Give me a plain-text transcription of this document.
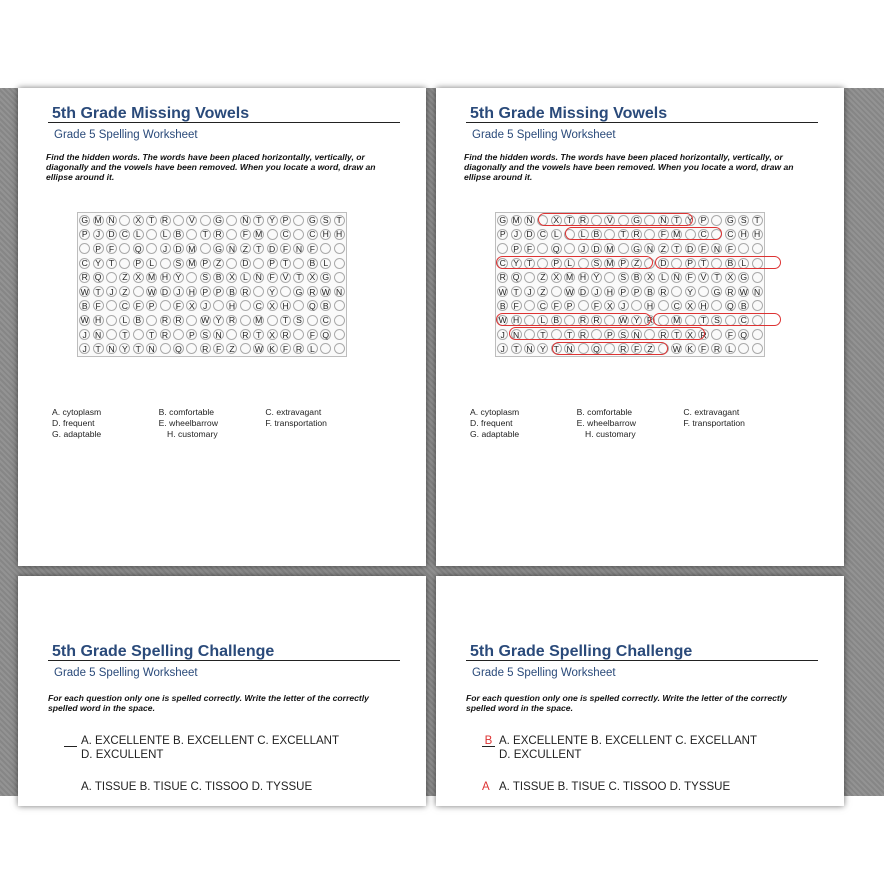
5th Grade Missing Vowels
Grade 5 Spelling Worksheet
Find the hidden words. The words have been placed horizontally, vertically, or diagonally and the vowels have been removed. When you locate a word, draw an ellipse around it.
G M N	X T R	V	G N T Y P	G S T
P J D C L	L B	T R	F M C C H H
P F	Q	J D M G N Z T D F N F
C Y T	P L	S M P Z	D	P T	B L
R Q	Z X M H Y	S B X L N F V T X G
W T	J	Z	W D J H P P B R	Y	G R W N
B F	C F P	F X J	H C X H Q B
W H	L B	R R W Y R M	T S	C
J N	T	T R	P S N R T X R	F Q
J	T N Y T N Q R F Z	W K F R L
A. cytoplasm	B. comfortable	C. extravagant
D. frequent	E. wheelbarrow	F. transportation
G. adaptable	H. customary
5th Grade Missing Vowels
Grade 5 Spelling Worksheet
Find the hidden words. The words have been placed horizontally, vertically, or diagonally and the vowels have been removed. When you locate a word, draw an ellipse around it.
G M N	X T R	V	G N T Y P	G S T
P J D C L	L B	T R	F M C C H H
P F	Q	J D M G N Z T D F N F
C Y T	P L	S M P Z	D	P T	B L
R Q	Z X M H Y	S B X L N F V T X G
W T	J	Z	W D J H P P B R	Y	G R W N
B F	C F P	F X J	H C X H Q B
W H	L B	R R W Y R M	T S	C
J N	T	T R	P S N R T X R	F Q
J	T N Y T N Q R F Z	W K F R L
A. cytoplasm	B. comfortable	C. extravagant
D. frequent	E. wheelbarrow	F. transportation
G. adaptable	H. customary
5th Grade Spelling Challenge
Grade 5 Spelling Worksheet
For each question only one is spelled correctly. Write the letter of the correctly spelled word in the space.
A. EXCELLENTE B. EXCELLENT C. EXCELLANT
D. EXCULLENT
A. TISSUE B. TISUE C. TISSOO D. TYSSUE
5th Grade Spelling Challenge
Grade 5 Spelling Worksheet
For each question only one is spelled correctly. Write the letter of the correctly spelled word in the space.
B A. EXCELLENTE B. EXCELLENT C. EXCELLANT
D. EXCULLENT
A A. TISSUE B. TISUE C. TISSOO D. TYSSUE
